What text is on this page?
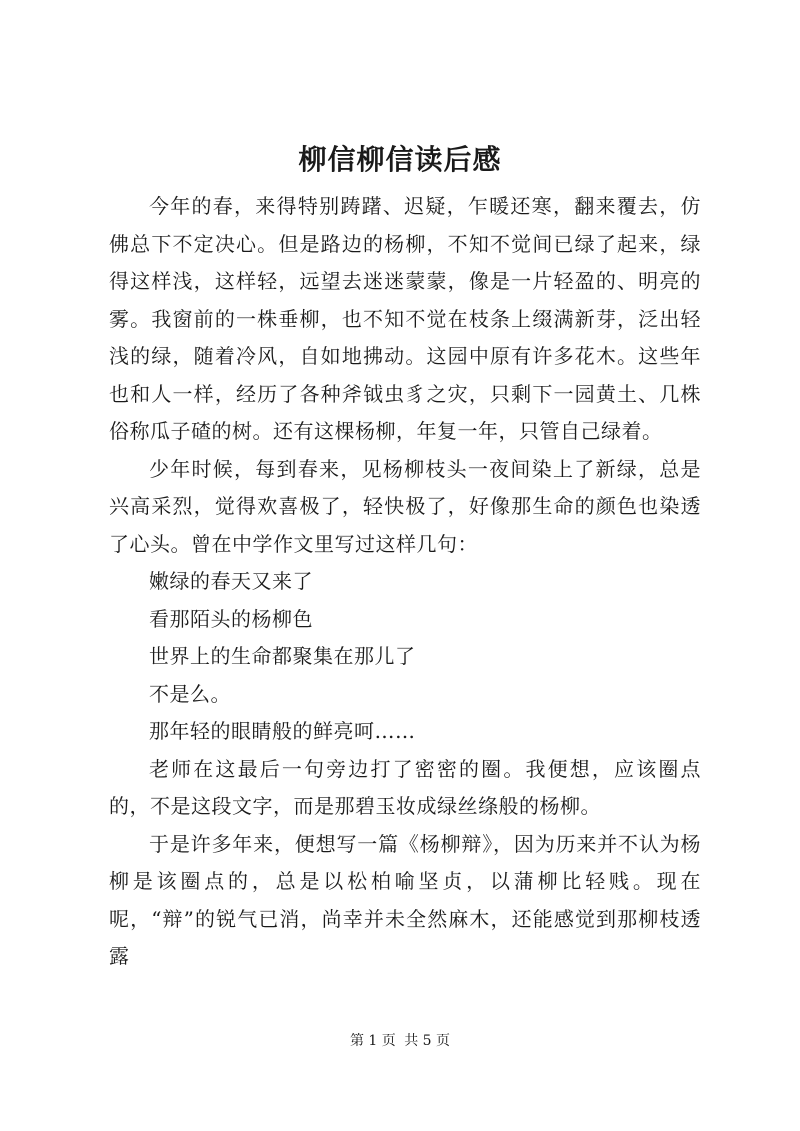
柳信柳信读后感

今年的春，来得特别踌躇、迟疑，乍暖还寒，翻来覆去，仿佛总下不定决心。但是路边的杨柳，不知不觉间已绿了起来，绿得这样浅，这样轻，远望去迷迷蒙蒙，像是一片轻盈的、明亮的雾。我窗前的一株垂柳，也不知不觉在枝条上缀满新芽，泛出轻浅的绿，随着冷风，自如地拂动。这园中原有许多花木。这些年也和人一样，经历了各种斧钺虫豸之灾，只剩下一园黄土、几株俗称瓜子碴的树。还有这棵杨柳，年复一年，只管自己绿着。

少年时候，每到春来，见杨柳枝头一夜间染上了新绿，总是兴高采烈，觉得欢喜极了，轻快极了，好像那生命的颜色也染透了心头。曾在中学作文里写过这样几句：

嫩绿的春天又来了

看那陌头的杨柳色

世界上的生命都聚集在那儿了

不是么。

那年轻的眼睛般的鲜亮呵……

老师在这最后一句旁边打了密密的圈。我便想，应该圈点的，不是这段文字，而是那碧玉妆成绿丝绦般的杨柳。

于是许多年来，便想写一篇《杨柳辩》，因为历来并不认为杨柳是该圈点的，总是以松柏喻坚贞，以蒲柳比轻贱。现在呢，“辩”的锐气已消，尚幸并未全然麻木，还能感觉到那柳枝透露

第 1 页 共 5 页
